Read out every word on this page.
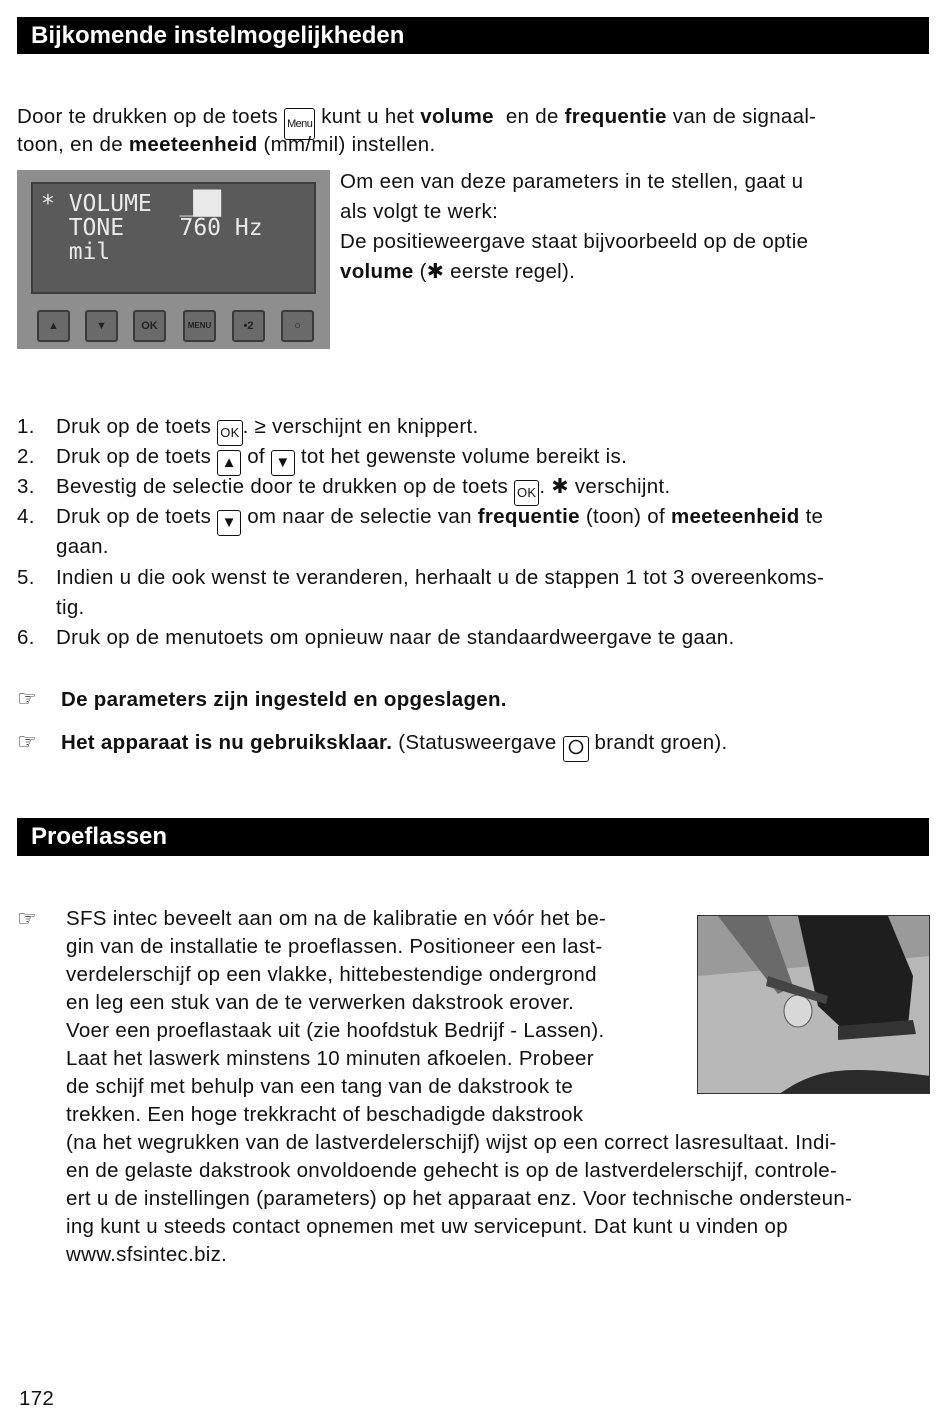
Bijkomende instelmogelijkheden
Door te drukken op de toets Menu kunt u het volume en de frequentie van de signaal-
toon, en de meeteenheid (mm/mil) instellen.
* VOLUME  _██
TONE    760 Hz
mil
▲	▼	OK	MENU	•2	○
Om een van deze parameters in te stellen, gaat u
als volgt te werk:
De positieweergave staat bijvoorbeeld op de optie
volume (✱ eerste regel).
1. Druk op de toets OK . ≥ verschijnt en knippert.
2. Druk op de toets ▲ of ▼ tot het gewenste volume bereikt is.
3. Bevestig de selectie door te drukken op de toets OK . ✱ verschijnt.
4. Druk op de toets ▼ om naar de selectie van frequentie (toon) of meeteenheid te
gaan.
5. Indien u die ook wenst te veranderen, herhaalt u de stappen 1 tot 3 overeenkoms-
tig.
6. Druk op de menutoets om opnieuw naar de standaardweergave te gaan.
☞ De parameters zijn ingesteld en opgeslagen.
☞ Het apparaat is nu gebruiksklaar. (Statusweergave brandt groen).
Proeflassen
☞	SFS intec beveelt aan om na de kalibratie en vóór het be-
gin van de installatie te proeflassen. Positioneer een last-
verdelerschijf op een vlakke, hittebestendige ondergrond
en leg een stuk van de te verwerken dakstrook erover.
Voer een proeflastaak uit (zie hoofdstuk Bedrijf - Lassen).
Laat het laswerk minstens 10 minuten afkoelen. Probeer
de schijf met behulp van een tang van de dakstrook te
trekken. Een hoge trekkracht of beschadigde dakstrook
(na het wegrukken van de lastverdelerschijf) wijst op een correct lasresultaat. Indi-
en de gelaste dakstrook onvoldoende gehecht is op de lastverdelerschijf, controle-
ert u de instellingen (parameters) op het apparaat enz. Voor technische ondersteun-
ing kunt u steeds contact opnemen met uw servicepunt. Dat kunt u vinden op
www.sfsintec.biz.
172
